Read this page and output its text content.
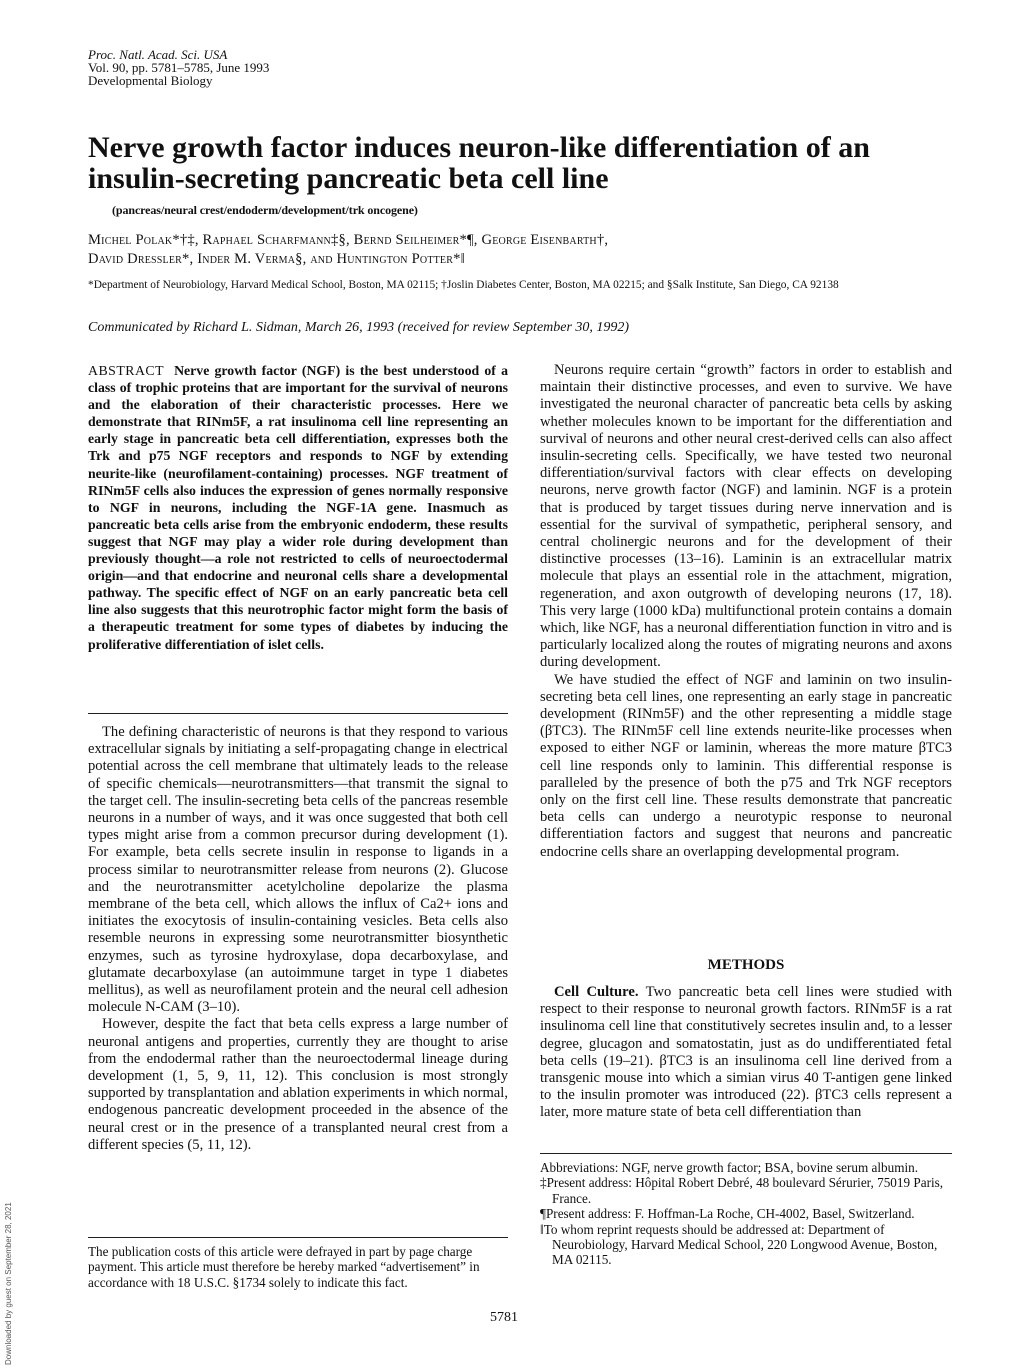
Proc. Natl. Acad. Sci. USA
Vol. 90, pp. 5781–5785, June 1993
Developmental Biology
Nerve growth factor induces neuron-like differentiation of an insulin-secreting pancreatic beta cell line
(pancreas/neural crest/endoderm/development/trk oncogene)
Michel Polak*†‡, Raphael Scharfmann‡§, Bernd Seilheimer*¶, George Eisenbarth†,
David Dressler*, Inder M. Verma§, and Huntington Potter*‖
*Department of Neurobiology, Harvard Medical School, Boston, MA 02115; †Joslin Diabetes Center, Boston, MA 02215; and §Salk Institute, San Diego, CA 92138
Communicated by Richard L. Sidman, March 26, 1993 (received for review September 30, 1992)
ABSTRACT Nerve growth factor (NGF) is the best understood of a class of trophic proteins that are important for the survival of neurons and the elaboration of their characteristic processes. Here we demonstrate that RINm5F, a rat insulinoma cell line representing an early stage in pancreatic beta cell differentiation, expresses both the Trk and p75 NGF receptors and responds to NGF by extending neurite-like (neurofilament-containing) processes. NGF treatment of RINm5F cells also induces the expression of genes normally responsive to NGF in neurons, including the NGF-1A gene. Inasmuch as pancreatic beta cells arise from the embryonic endoderm, these results suggest that NGF may play a wider role during development than previously thought—a role not restricted to cells of neuroectodermal origin—and that endocrine and neuronal cells share a developmental pathway. The specific effect of NGF on an early pancreatic beta cell line also suggests that this neurotrophic factor might form the basis of a therapeutic treatment for some types of diabetes by inducing the proliferative differentiation of islet cells.

The defining characteristic of neurons is that they respond to various extracellular signals by initiating a self-propagating change in electrical potential across the cell membrane that ultimately leads to the release of specific chemicals—neurotransmitters—that transmit the signal to the target cell. The insulin-secreting beta cells of the pancreas resemble neurons in a number of ways, and it was once suggested that both cell types might arise from a common precursor during development (1). For example, beta cells secrete insulin in response to ligands in a process similar to neurotransmitter release from neurons (2). Glucose and the neurotransmitter acetylcholine depolarize the plasma membrane of the beta cell, which allows the influx of Ca2+ ions and initiates the exocytosis of insulin-containing vesicles. Beta cells also resemble neurons in expressing some neurotransmitter biosynthetic enzymes, such as tyrosine hydroxylase, dopa decarboxylase, and glutamate decarboxylase (an autoimmune target in type 1 diabetes mellitus), as well as neurofilament protein and the neural cell adhesion molecule N-CAM (3–10).

However, despite the fact that beta cells express a large number of neuronal antigens and properties, currently they are thought to arise from the endodermal rather than the neuroectodermal lineage during development (1, 5, 9, 11, 12). This conclusion is most strongly supported by transplantation and ablation experiments in which normal, endogenous pancreatic development proceeded in the absence of the neural crest or in the presence of a transplanted neural crest from a different species (5, 11, 12).

The publication costs of this article were defrayed in part by page charge payment. This article must therefore be hereby marked “advertisement” in accordance with 18 U.S.C. §1734 solely to indicate this fact.

Neurons require certain “growth” factors in order to establish and maintain their distinctive processes, and even to survive. We have investigated the neuronal character of pancreatic beta cells by asking whether molecules known to be important for the differentiation and survival of neurons and other neural crest-derived cells can also affect insulin-secreting cells. Specifically, we have tested two neuronal differentiation/survival factors with clear effects on developing neurons, nerve growth factor (NGF) and laminin. NGF is a protein that is produced by target tissues during nerve innervation and is essential for the survival of sympathetic, peripheral sensory, and central cholinergic neurons and for the development of their distinctive processes (13–16). Laminin is an extracellular matrix molecule that plays an essential role in the attachment, migration, regeneration, and axon outgrowth of developing neurons (17, 18). This very large (1000 kDa) multifunctional protein contains a domain which, like NGF, has a neuronal differentiation function in vitro and is particularly localized along the routes of migrating neurons and axons during development.

We have studied the effect of NGF and laminin on two insulin-secreting beta cell lines, one representing an early stage in pancreatic development (RINm5F) and the other representing a middle stage (βTC3). The RINm5F cell line extends neurite-like processes when exposed to either NGF or laminin, whereas the more mature βTC3 cell line responds only to laminin. This differential response is paralleled by the presence of both the p75 and Trk NGF receptors only on the first cell line. These results demonstrate that pancreatic beta cells can undergo a neurotypic response to neuronal differentiation factors and suggest that neurons and pancreatic endocrine cells share an overlapping developmental program.

METHODS

Cell Culture. Two pancreatic beta cell lines were studied with respect to their response to neuronal growth factors. RINm5F is a rat insulinoma cell line that constitutively secretes insulin and, to a lesser degree, glucagon and somatostatin, just as do undifferentiated fetal beta cells (19–21). βTC3 is an insulinoma cell line derived from a transgenic mouse into which a simian virus 40 T-antigen gene linked to the insulin promoter was introduced (22). βTC3 cells represent a later, more mature state of beta cell differentiation than

Abbreviations: NGF, nerve growth factor; BSA, bovine serum albumin.

‡Present address: Hôpital Robert Debré, 48 boulevard Sérurier, 75019 Paris, France.

¶Present address: F. Hoffman-La Roche, CH-4002, Basel, Switzerland.

‖To whom reprint requests should be addressed at: Department of Neurobiology, Harvard Medical School, 220 Longwood Avenue, Boston, MA 02115.

5781
Downloaded by guest on September 28, 2021
